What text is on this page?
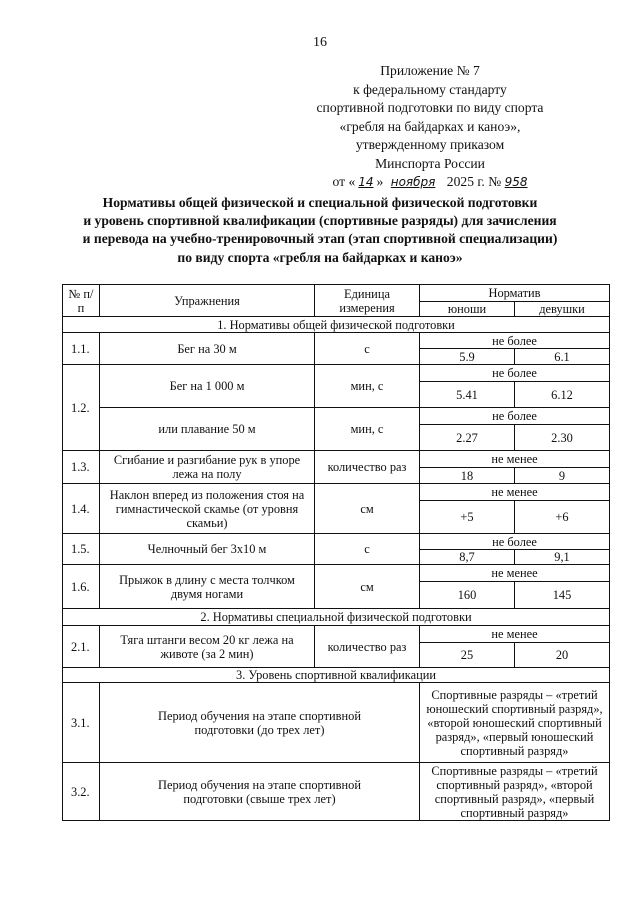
16
Приложение № 7
к федеральному стандарту
спортивной подготовки по виду спорта
«гребля на байдарках и каноэ»,
утвержденному приказом
Минспорта России
от « 14 » ноября 2025 г. № 958
Нормативы общей физической и специальной физической подготовки
и уровень спортивной квалификации (спортивные разряды) для зачисления
и перевода на учебно-тренировочный этап (этап спортивной специализации)
по виду спорта «гребля на байдарках и каноэ»
№ п/п	Упражнения	Единица измерения	Норматив	
			юноши	девушки
1. Нормативы общей физической подготовки				
1.1.	Бег на 30 м	с	не более	
			5.9	6.1
1.2.	Бег на 1 000 м	мин, с	не более	
			5.41	6.12
	или плавание 50 м	мин, с	не более	
			2.27	2.30
1.3.	Сгибание и разгибание рук в упоре лежа на полу	количество раз	не менее	
			18	9
1.4.	Наклон вперед из положения стоя на гимнастической скамье (от уровня скамьи)	см	не менее	
			+5	+6
1.5.	Челночный бег 3x10 м	с	не более	
			8,7	9,1
1.6.	Прыжок в длину с места толчком двумя ногами	см	не менее	
			160	145
2. Нормативы специальной физической подготовки				
2.1.	Тяга штанги весом 20 кг лежа на животе (за 2 мин)	количество раз	не менее	
			25	20
3. Уровень спортивной квалификации				
3.1.	Период обучения на этапе спортивной подготовки (до трех лет)		Спортивные разряды – «третий юношеский спортивный разряд», «второй юношеский спортивный разряд», «первый юношеский спортивный разряд»	
3.2.	Период обучения на этапе спортивной подготовки (свыше трех лет)		Спортивные разряды – «третий спортивный разряд», «второй спортивный разряд», «первый спортивный разряд»	
